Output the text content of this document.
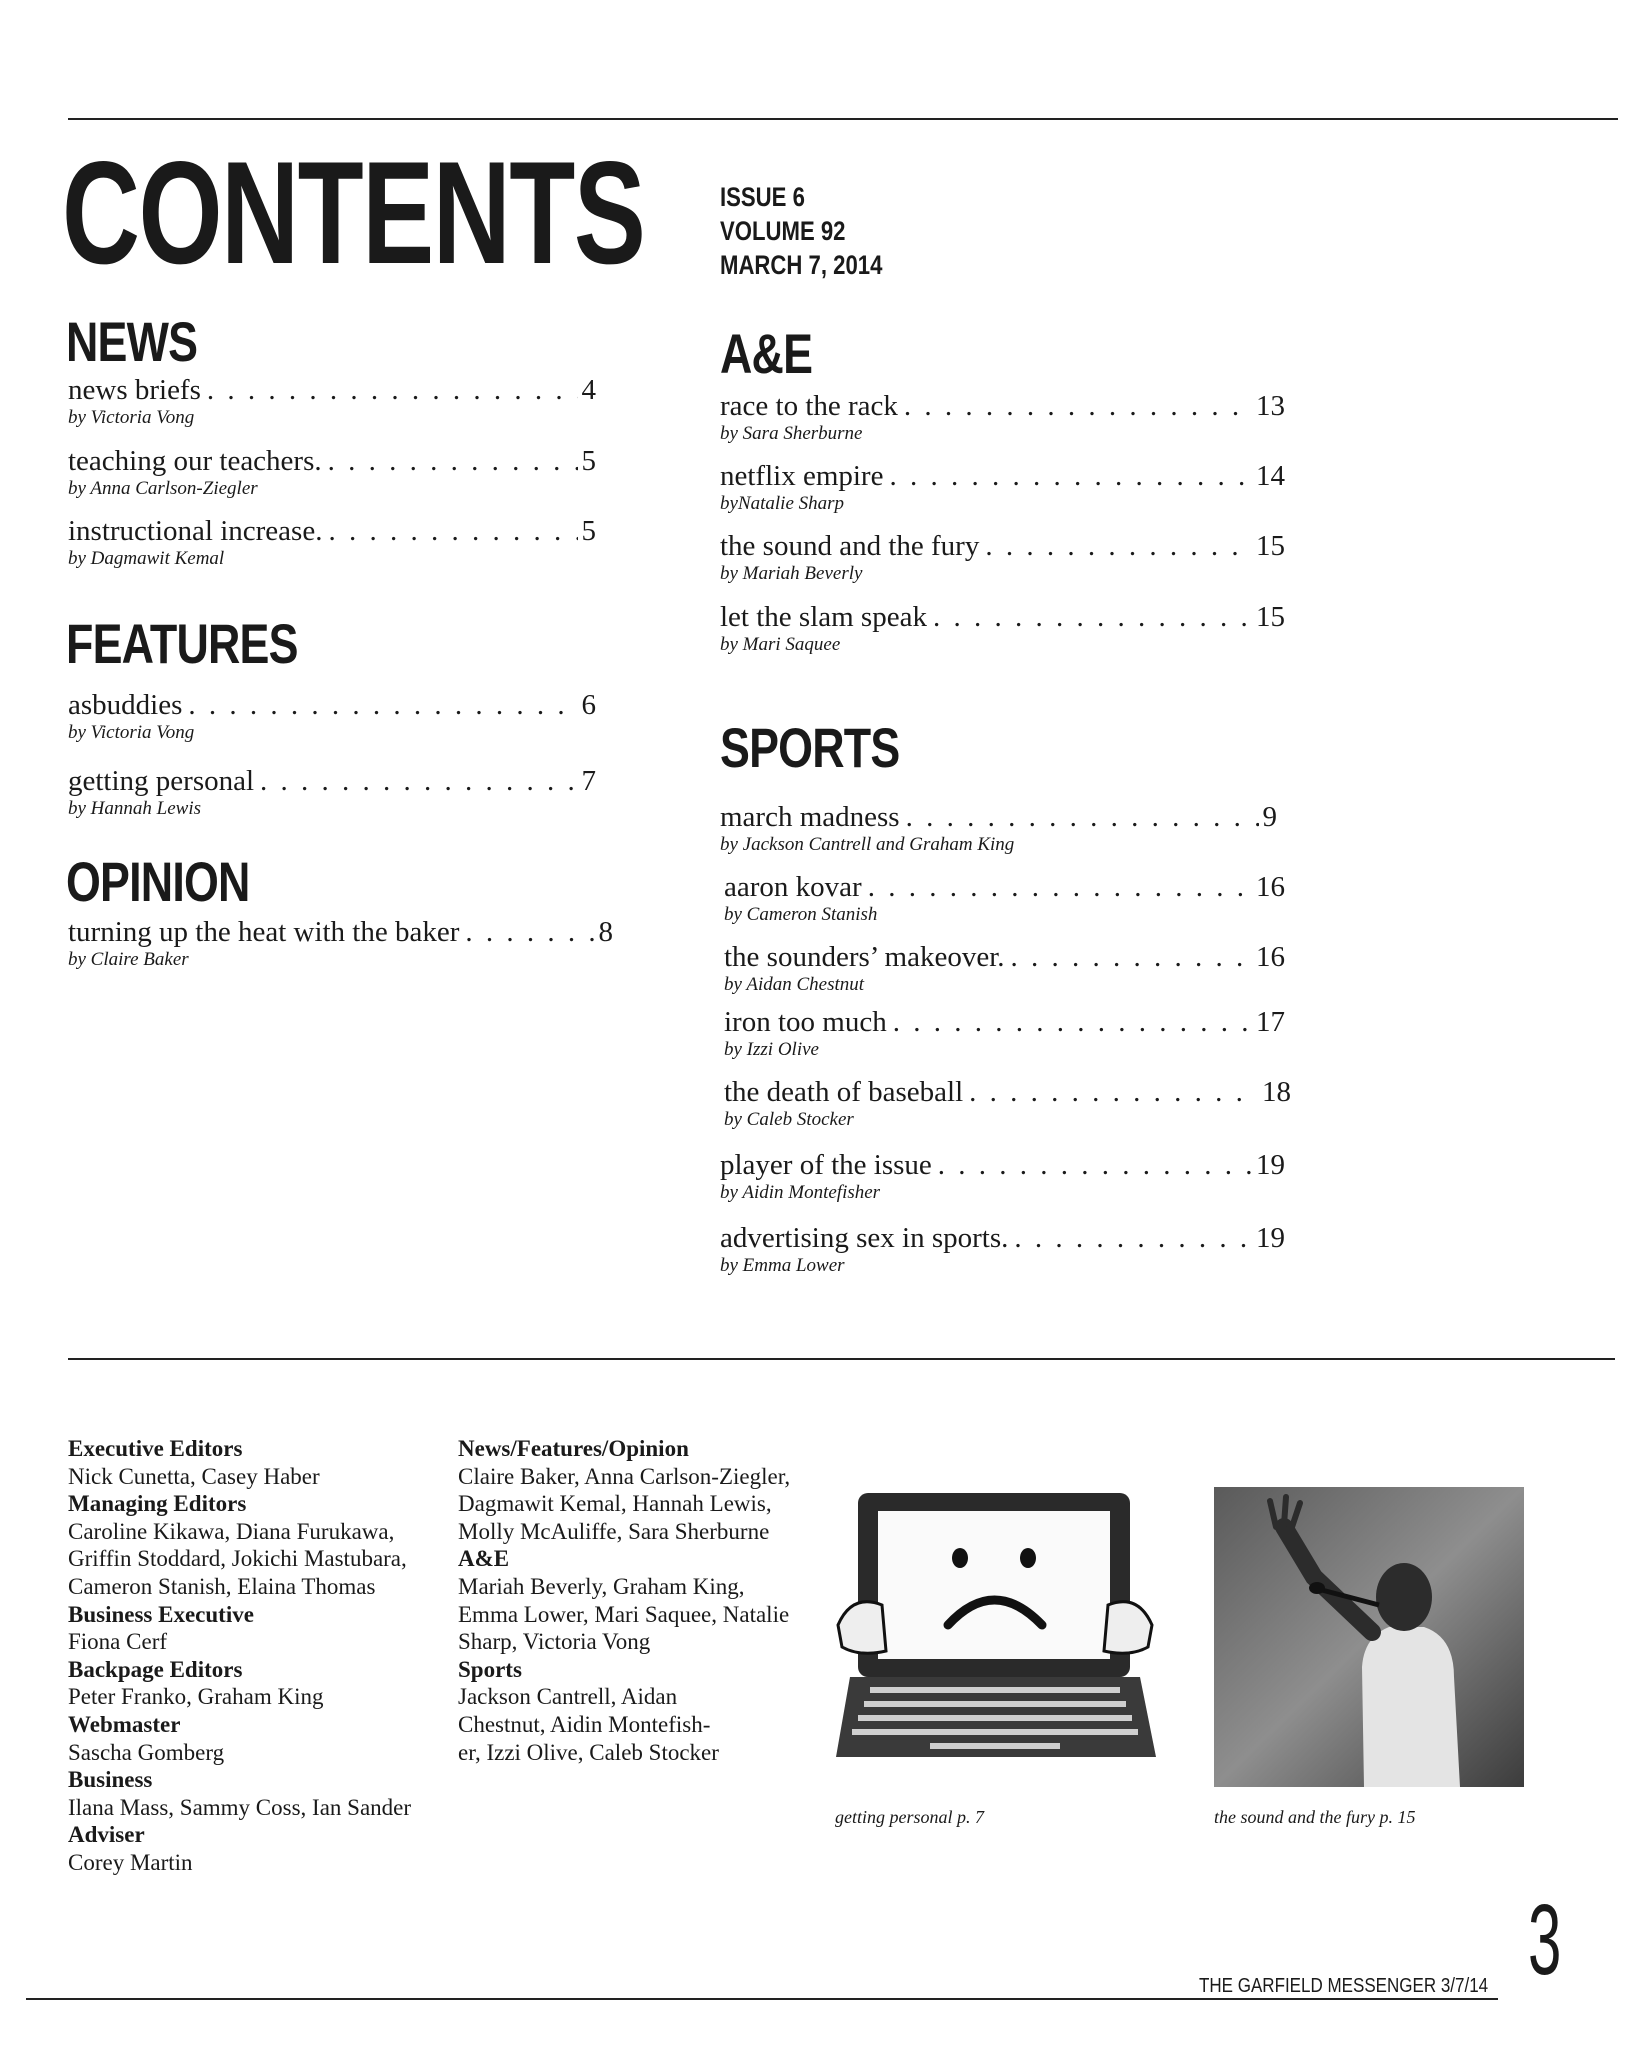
CONTENTS	ISSUE 6
VOLUME 92
MARCH 7, 2014
NEWS
news briefs . . .	4
by Victoria Vong
teaching our teachers. . . .	5
by Anna Carlson-Ziegler
instructional increase. . . .	5
by Dagmawit Kemal
FEATURES
asbuddies . . .	6
by Victoria Vong
getting personal . . .	7
by Hannah Lewis
OPINION
turning up the heat with the baker . . .	8
by Claire Baker
A&E
race to the rack . . .	13
by Sara Sherburne
netflix empire . . .	14
byNatalie Sharp
the sound and the fury . . .	15
by Mariah Beverly
let the slam speak . . .	15
by Mari Saquee
SPORTS
march madness . . .	9
by Jackson Cantrell and Graham King
aaron kovar . . .	16
by Cameron Stanish
the sounders’ makeover. . . .	16
by Aidan Chestnut
iron too much . . .	17
by Izzi Olive
the death of baseball . . .	18
by Caleb Stocker
player of the issue . . .	19
by Aidin Montefisher
advertising sex in sports. . . .	19
by Emma Lower
Executive Editors
Nick Cunetta, Casey Haber
Managing Editors
Caroline Kikawa, Diana Furukawa,
Griffin Stoddard, Jokichi Mastubara,
Cameron Stanish, Elaina Thomas
Business Executive
Fiona Cerf
Backpage Editors
Peter Franko, Graham King
Webmaster
Sascha Gomberg
Business
Ilana Mass, Sammy Coss, Ian Sander
Adviser
Corey Martin
News/Features/Opinion
Claire Baker, Anna Carlson-Ziegler,
Dagmawit Kemal, Hannah Lewis,
Molly McAuliffe, Sara Sherburne
A&E
Mariah Beverly, Graham King,
Emma Lower, Mari Saquee, Natalie
Sharp, Victoria Vong
Sports
Jackson Cantrell, Aidan
Chestnut, Aidin Montefish-
er, Izzi Olive, Caleb Stocker
getting personal p. 7	the sound and the fury p. 15
THE GARFIELD MESSENGER 3/7/14 3
